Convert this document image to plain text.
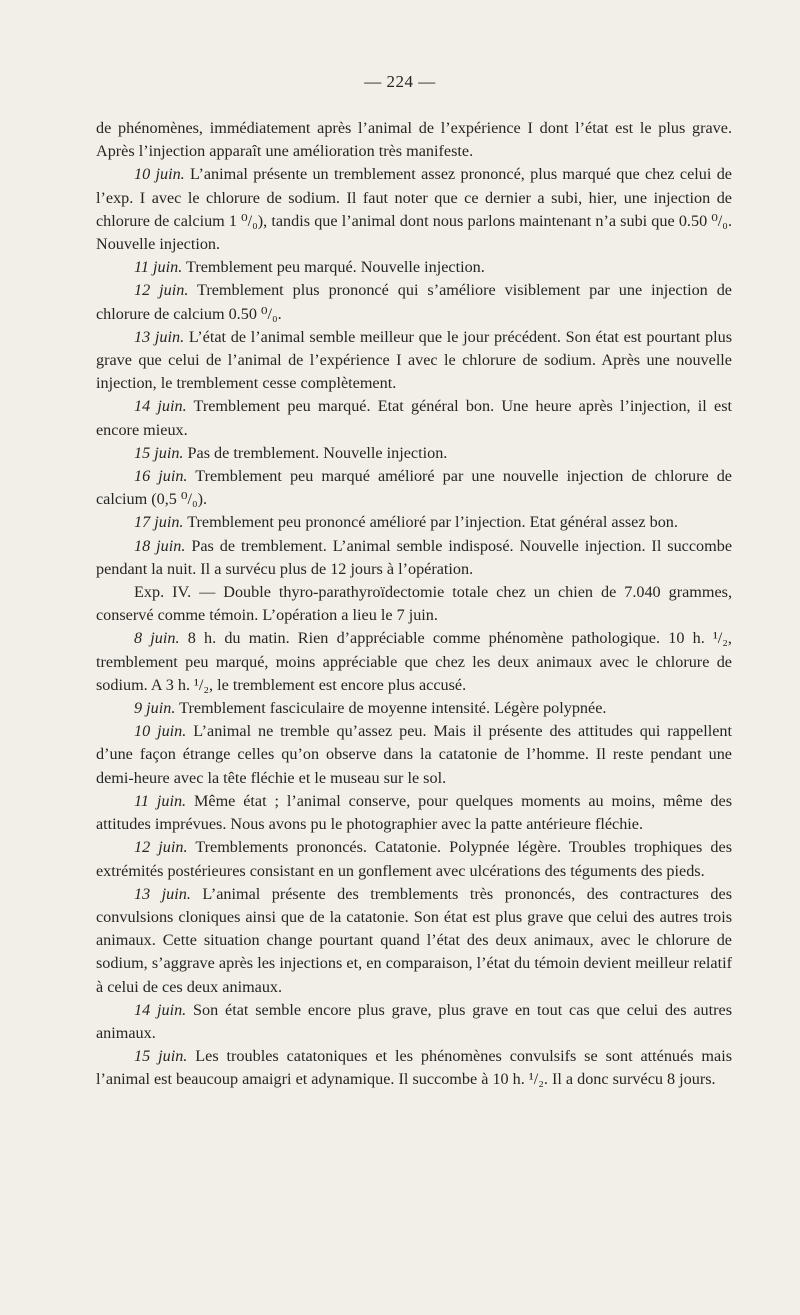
— 224 —

de phénomènes, immédiatement après l’animal de l’expérience I dont l’état est le plus grave. Après l’injection apparaît une amélioration très manifeste.

10 juin. L’animal présente un tremblement assez prononcé, plus marqué que chez celui de l’exp. I avec le chlorure de sodium. Il faut noter que ce dernier a subi, hier, une injection de chlorure de calcium 1 ⁰/₀), tandis que l’animal dont nous parlons maintenant n’a subi que 0.50 ⁰/₀. Nouvelle injection.

11 juin. Tremblement peu marqué. Nouvelle injection.

12 juin. Tremblement plus prononcé qui s’améliore visiblement par une injection de chlorure de calcium 0.50 ⁰/₀.

13 juin. L’état de l’animal semble meilleur que le jour précédent. Son état est pourtant plus grave que celui de l’animal de l’expérience I avec le chlorure de sodium. Après une nouvelle injection, le tremblement cesse complètement.

14 juin. Tremblement peu marqué. Etat général bon. Une heure après l’injection, il est encore mieux.

15 juin. Pas de tremblement. Nouvelle injection.

16 juin. Tremblement peu marqué amélioré par une nouvelle injection de chlorure de calcium (0,5 ⁰/₀).

17 juin. Tremblement peu prononcé amélioré par l’injection. Etat général assez bon.

18 juin. Pas de tremblement. L’animal semble indisposé. Nouvelle injection. Il succombe pendant la nuit. Il a survécu plus de 12 jours à l’opération.

Exp. IV. — Double thyro-parathyroïdectomie totale chez un chien de 7.040 grammes, conservé comme témoin. L’opération a lieu le 7 juin.

8 juin. 8 h. du matin. Rien d’appréciable comme phénomène pathologique. 10 h. ¹/₂, tremblement peu marqué, moins appréciable que chez les deux animaux avec le chlorure de sodium. A 3 h. ¹/₂, le tremblement est encore plus accusé.

9 juin. Tremblement fasciculaire de moyenne intensité. Légère polypnée.

10 juin. L’animal ne tremble qu’assez peu. Mais il présente des attitudes qui rappellent d’une façon étrange celles qu’on observe dans la catatonie de l’homme. Il reste pendant une demi-heure avec la tête fléchie et le museau sur le sol.

11 juin. Même état ; l’animal conserve, pour quelques moments au moins, même des attitudes imprévues. Nous avons pu le photographier avec la patte antérieure fléchie.

12 juin. Tremblements prononcés. Catatonie. Polypnée légère. Troubles trophiques des extrémités postérieures consistant en un gonflement avec ulcérations des téguments des pieds.

13 juin. L’animal présente des tremblements très prononcés, des contractures des convulsions cloniques ainsi que de la catatonie. Son état est plus grave que celui des autres trois animaux. Cette situation change pourtant quand l’état des deux animaux, avec le chlorure de sodium, s’aggrave après les injections et, en comparaison, l’état du témoin devient meilleur relatif à celui de ces deux animaux.

14 juin. Son état semble encore plus grave, plus grave en tout cas que celui des autres animaux.

15 juin. Les troubles catatoniques et les phénomènes convulsifs se sont atténués mais l’animal est beaucoup amaigri et adynamique. Il succombe à 10 h. ¹/₂. Il a donc survécu 8 jours.
